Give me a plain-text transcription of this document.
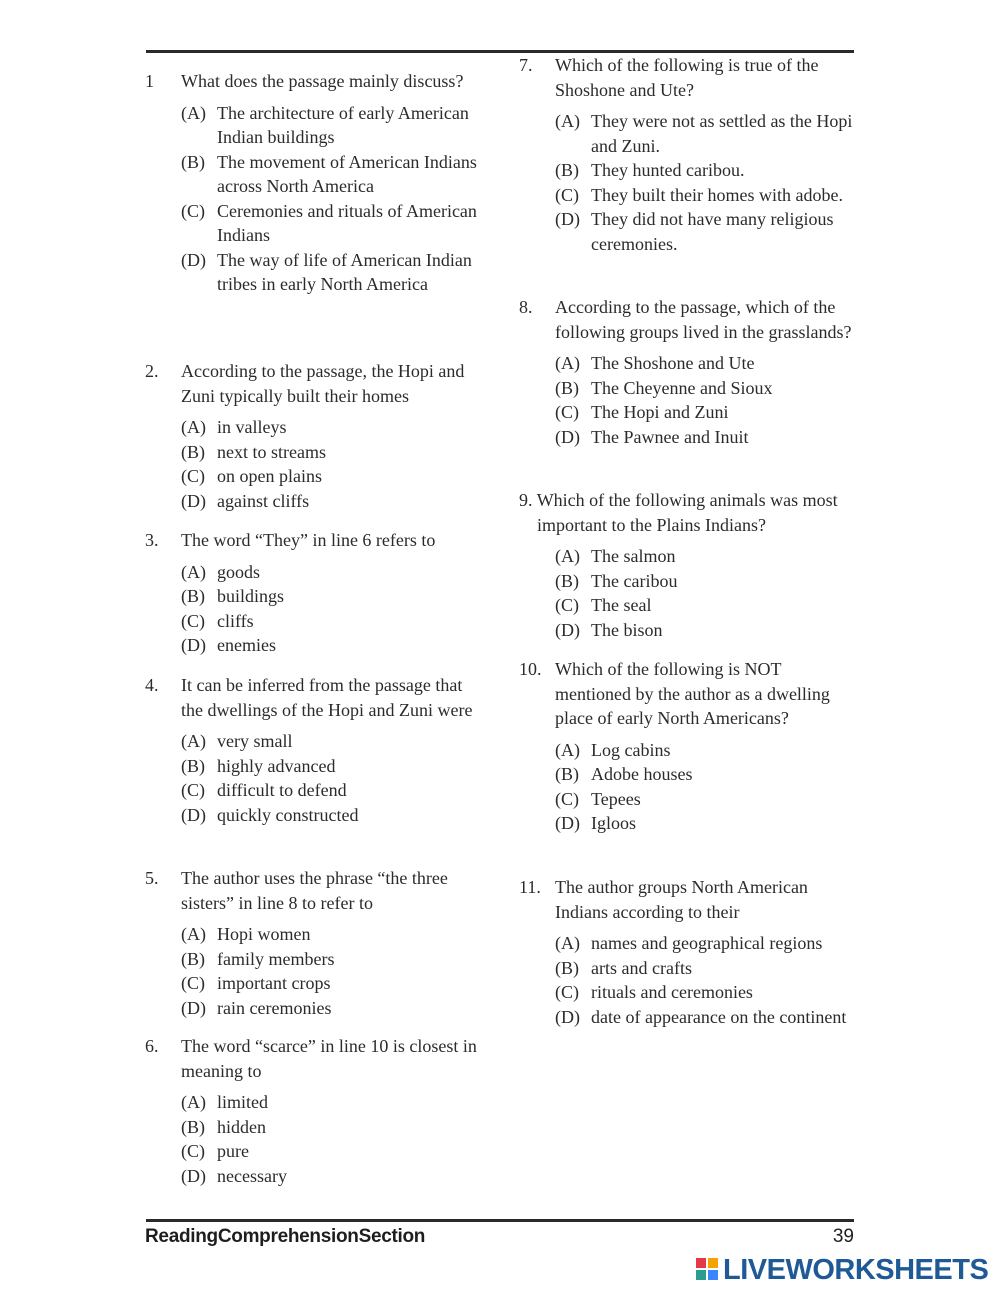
1 What does the passage mainly discuss?
(A) The architecture of early American Indian buildings
(B) The movement of American Indians across North America
(C) Ceremonies and rituals of American Indians
(D) The way of life of American Indian tribes in early North America
2. According to the passage, the Hopi and Zuni typically built their homes
(A) in valleys
(B) next to streams
(C) on open plains
(D) against cliffs
3. The word “They” in line 6 refers to
(A) goods
(B) buildings
(C) cliffs
(D) enemies
4. It can be inferred from the passage that the dwellings of the Hopi and Zuni were
(A) very small
(B) highly advanced
(C) difficult to defend
(D) quickly constructed
5. The author uses the phrase “the three sisters” in line 8 to refer to
(A) Hopi women
(B) family members
(C) important crops
(D) rain ceremonies
6. The word “scarce” in line 10 is closest in meaning to
(A) limited
(B) hidden
(C) pure
(D) necessary
7. Which of the following is true of the Shoshone and Ute?
(A) They were not as settled as the Hopi and Zuni.
(B) They hunted caribou.
(C) They built their homes with adobe.
(D) They did not have many religious ceremonies.
8. According to the passage, which of the following groups lived in the grasslands?
(A) The Shoshone and Ute
(B) The Cheyenne and Sioux
(C) The Hopi and Zuni
(D) The Pawnee and Inuit
9. Which of the following animals was most important to the Plains Indians?
(A) The salmon
(B) The caribou
(C) The seal
(D) The bison
10. Which of the following is NOT mentioned by the author as a dwelling place of early North Americans?
(A) Log cabins
(B) Adobe houses
(C) Tepees
(D) Igloos
11. The author groups North American Indians according to their
(A) names and geographical regions
(B) arts and crafts
(C) rituals and ceremonies
(D) date of appearance on the continent
ReadingComprehensionSection	39
LIVEWORKSHEETS
